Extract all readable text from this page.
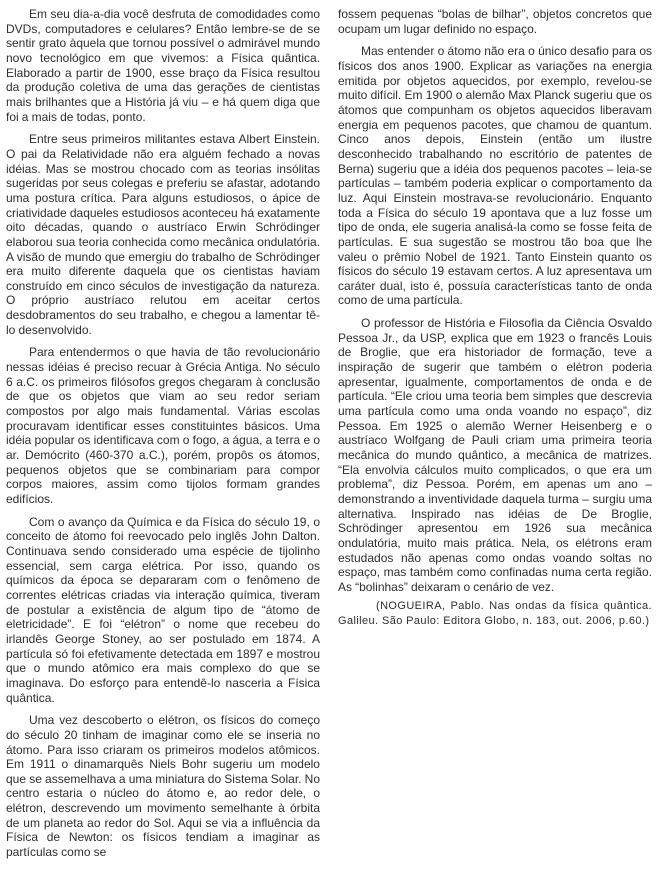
Em seu dia-a-dia você desfruta de comodidades como DVDs, computadores e celulares? Então lembre-se de se sentir grato àquela que tornou possível o admirável mundo novo tecnológico em que vivemos: a Física quântica. Elaborado a partir de 1900, esse braço da Física resultou da produção coletiva de uma das gerações de cientistas mais brilhantes que a História já viu – e há quem diga que foi a mais de todas, ponto.

Entre seus primeiros militantes estava Albert Einstein. O pai da Relatividade não era alguém fechado a novas idéias. Mas se mostrou chocado com as teorias insólitas sugeridas por seus colegas e preferiu se afastar, adotando uma postura crítica. Para alguns estudiosos, o ápice de criatividade daqueles estudiosos aconteceu há exatamente oito décadas, quando o austríaco Erwin Schrödinger elaborou sua teoria conhecida como mecânica ondulatória. A visão de mundo que emergiu do trabalho de Schrödinger era muito diferente daquela que os cientistas haviam construído em cinco séculos de investigação da natureza. O próprio austríaco relutou em aceitar certos desdobramentos do seu trabalho, e chegou a lamentar tê-lo desenvolvido.

Para entendermos o que havia de tão revolucionário nessas idéias é preciso recuar à Grécia Antiga. No século 6 a.C. os primeiros filósofos gregos chegaram à conclusão de que os objetos que viam ao seu redor seriam compostos por algo mais fundamental. Várias escolas procuravam identificar esses constituintes básicos. Uma idéia popular os identificava com o fogo, a água, a terra e o ar. Demócrito (460-370 a.C.), porém, propôs os átomos, pequenos objetos que se combinariam para compor corpos maiores, assim como tijolos formam grandes edifícios.

Com o avanço da Química e da Física do século 19, o conceito de átomo foi reevocado pelo inglês John Dalton. Continuava sendo considerado uma espécie de tijolinho essencial, sem carga elétrica. Por isso, quando os químicos da época se depararam com o fenômeno de correntes elétricas criadas via interação química, tiveram de postular a existência de algum tipo de “átomo de eletricidade”. E foi “elétron” o nome que recebeu do irlandês George Stoney, ao ser postulado em 1874. A partícula só foi efetivamente detectada em 1897 e mostrou que o mundo atômico era mais complexo do que se imaginava. Do esforço para entendê-lo nasceria a Física quântica.

Uma vez descoberto o elétron, os físicos do começo do século 20 tinham de imaginar como ele se inseria no átomo. Para isso criaram os primeiros modelos atômicos. Em 1911 o dinamarquês Niels Bohr sugeriu um modelo que se assemelhava a uma miniatura do Sistema Solar. No centro estaria o núcleo do átomo e, ao redor dele, o elétron, descrevendo um movimento semelhante à órbita de um planeta ao redor do Sol. Aqui se via a influência da Física de Newton: os físicos tendiam a imaginar as partículas como se

fossem pequenas “bolas de bilhar”, objetos concretos que ocupam um lugar definido no espaço.

Mas entender o átomo não era o único desafio para os físicos dos anos 1900. Explicar as variações na energia emitida por objetos aquecidos, por exemplo, revelou-se muito difícil. Em 1900 o alemão Max Planck sugeriu que os átomos que compunham os objetos aquecidos liberavam energia em pequenos pacotes, que chamou de quantum. Cinco anos depois, Einstein (então um ilustre desconhecido trabalhando no escritório de patentes de Berna) sugeriu que a idéia dos pequenos pacotes – leia-se partículas – também poderia explicar o comportamento da luz. Aqui Einstein mostrava-se revolucionário. Enquanto toda a Física do século 19 apontava que a luz fosse um tipo de onda, ele sugeria analisá-la como se fosse feita de partículas. E sua sugestão se mostrou tão boa que lhe valeu o prêmio Nobel de 1921. Tanto Einstein quanto os físicos do século 19 estavam certos. A luz apresentava um caráter dual, isto é, possuía características tanto de onda como de uma partícula.

O professor de História e Filosofia da Ciência Osvaldo Pessoa Jr., da USP, explica que em 1923 o francês Louis de Broglie, que era historiador de formação, teve a inspiração de sugerir que também o elétron poderia apresentar, igualmente, comportamentos de onda e de partícula. “Ele criou uma teoria bem simples que descrevia uma partícula como uma onda voando no espaço”, diz Pessoa. Em 1925 o alemão Werner Heisenberg e o austríaco Wolfgang de Pauli criam uma primeira teoria mecânica do mundo quântico, a mecânica de matrizes. “Ela envolvia cálculos muito complicados, o que era um problema”, diz Pessoa. Porém, em apenas um ano – demonstrando a inventividade daquela turma – surgiu uma alternativa. Inspirado nas idéias de De Broglie, Schrödinger apresentou em 1926 sua mecânica ondulatória, muito mais prática. Nela, os elétrons eram estudados não apenas como ondas voando soltas no espaço, mas também como confinadas numa certa região. As “bolinhas” deixaram o cenário de vez.

(NOGUEIRA, Pablo. Nas ondas da física quântica. Galileu. São Paulo: Editora Globo, n. 183, out. 2006, p.60.)
